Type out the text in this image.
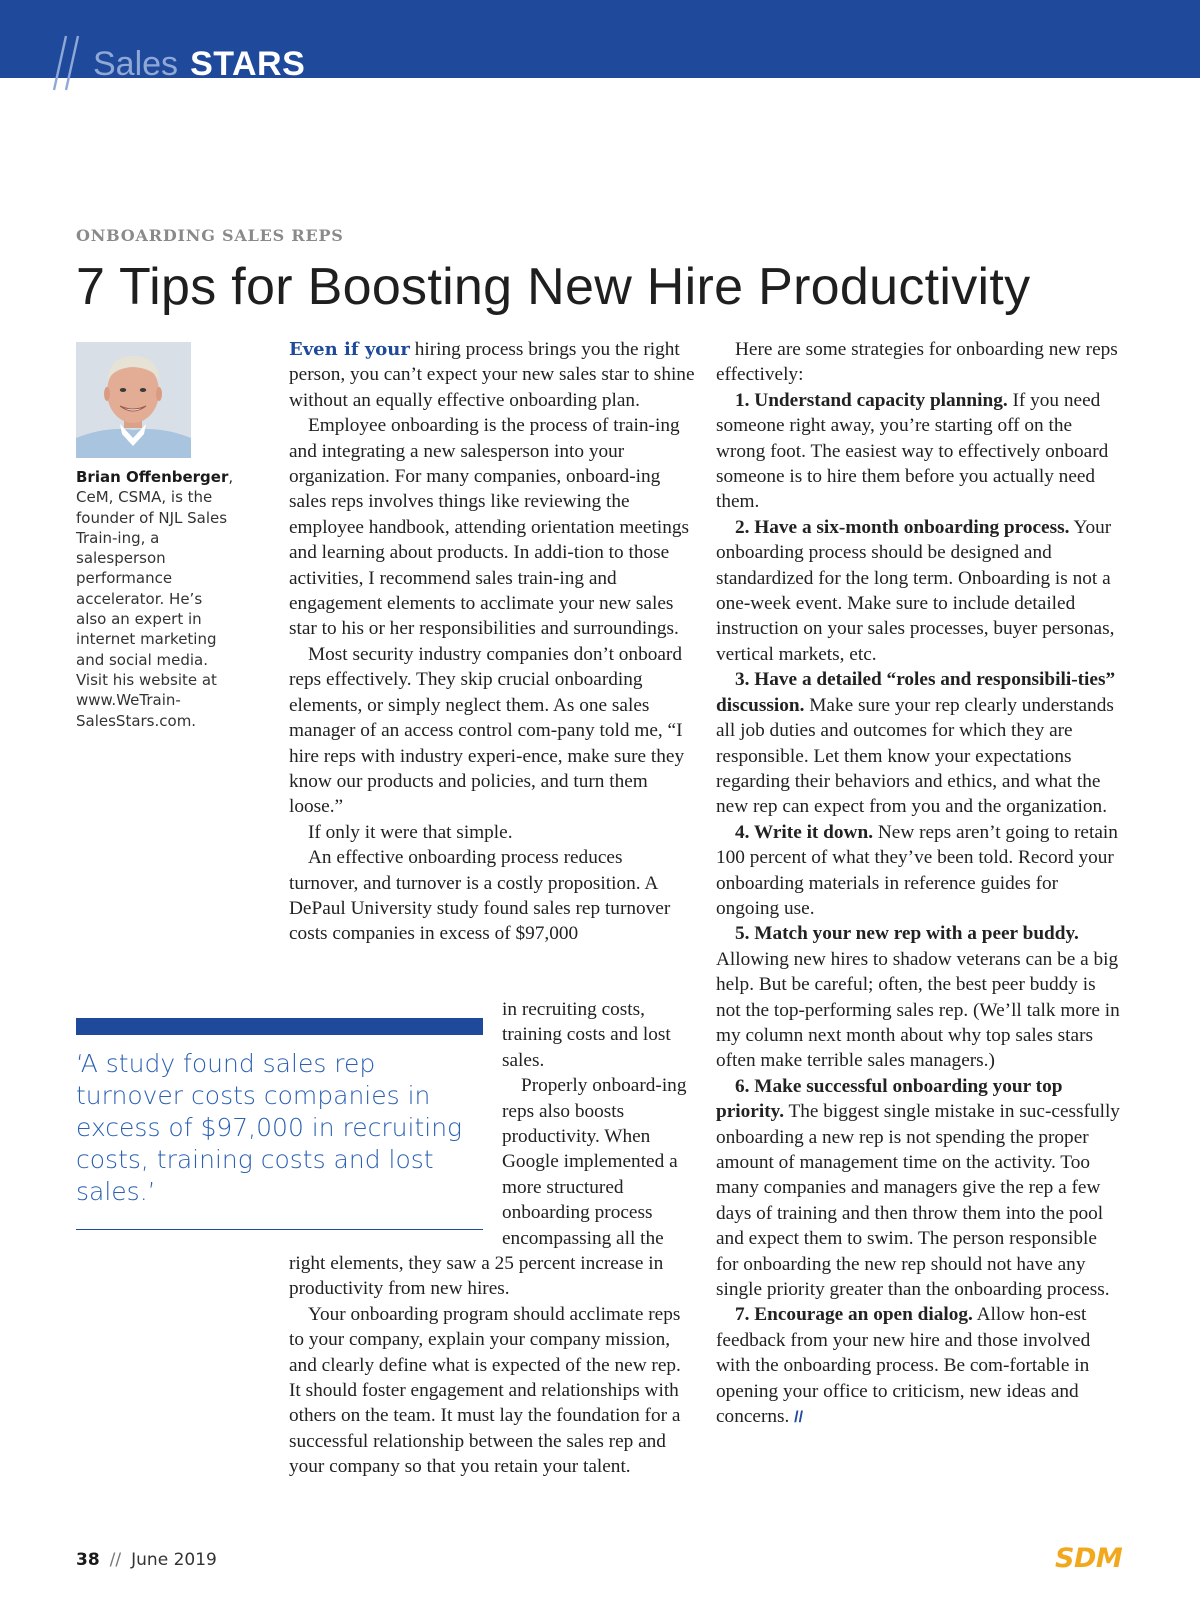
Sales STARS
ONBOARDING SALES REPS
7 Tips for Boosting New Hire Productivity
Brian Offenberger, CeM, CSMA, is the founder of NJL Sales Train-ing, a salesperson performance accelerator. He’s also an expert in internet marketing and social media. Visit his website at www.WeTrain-SalesStars.com.

Even if your hiring process brings you the right person, you can’t expect your new sales star to shine without an equally effective onboarding plan.

Employee onboarding is the process of train-ing and integrating a new salesperson into your organization. For many companies, onboard-ing sales reps involves things like reviewing the employee handbook, attending orientation meetings and learning about products. In addi-tion to those activities, I recommend sales train-ing and engagement elements to acclimate your new sales star to his or her responsibilities and surroundings.

Most security industry companies don’t onboard reps effectively. They skip crucial onboarding elements, or simply neglect them. As one sales manager of an access control com-pany told me, “I hire reps with industry experi-ence, make sure they know our products and policies, and turn them loose.”

If only it were that simple.

An effective onboarding process reduces turnover, and turnover is a costly proposition. A DePaul University study found sales rep turnover costs companies in excess of $97,000

in recruiting costs, training costs and lost sales.

Properly onboard-ing reps also boosts productivity. When Google implemented a more structured onboarding process encompassing all the

right elements, they saw a 25 percent increase in productivity from new hires.

Your onboarding program should acclimate reps to your company, explain your company mission, and clearly define what is expected of the new rep. It should foster engagement and relationships with others on the team. It must lay the foundation for a successful relationship between the sales rep and your company so that you retain your talent.

‘A study found sales rep turnover costs companies in excess of $97,000 in recruiting costs, training costs and lost sales.’

Here are some strategies for onboarding new reps effectively:

1. Understand capacity planning. If you need someone right away, you’re starting off on the wrong foot. The easiest way to effectively onboard someone is to hire them before you actually need them.

2. Have a six-month onboarding process. Your onboarding process should be designed and standardized for the long term. Onboarding is not a one-week event. Make sure to include detailed instruction on your sales processes, buyer personas, vertical markets, etc.

3. Have a detailed “roles and responsibili-ties” discussion. Make sure your rep clearly understands all job duties and outcomes for which they are responsible. Let them know your expectations regarding their behaviors and ethics, and what the new rep can expect from you and the organization.

4. Write it down. New reps aren’t going to retain 100 percent of what they’ve been told. Record your onboarding materials in reference guides for ongoing use.

5. Match your new rep with a peer buddy. Allowing new hires to shadow veterans can be a big help. But be careful; often, the best peer buddy is not the top-performing sales rep. (We’ll talk more in my column next month about why top sales stars often make terrible sales managers.)

6. Make successful onboarding your top priority. The biggest single mistake in suc-cessfully onboarding a new rep is not spending the proper amount of management time on the activity. Too many companies and managers give the rep a few days of training and then throw them into the pool and expect them to swim. The person responsible for onboarding the new rep should not have any single priority greater than the onboarding process.

7. Encourage an open dialog. Allow hon-est feedback from your new hire and those involved with the onboarding process. Be com-fortable in opening your office to criticism, new ideas and concerns. //

38 // June 2019	SDM
